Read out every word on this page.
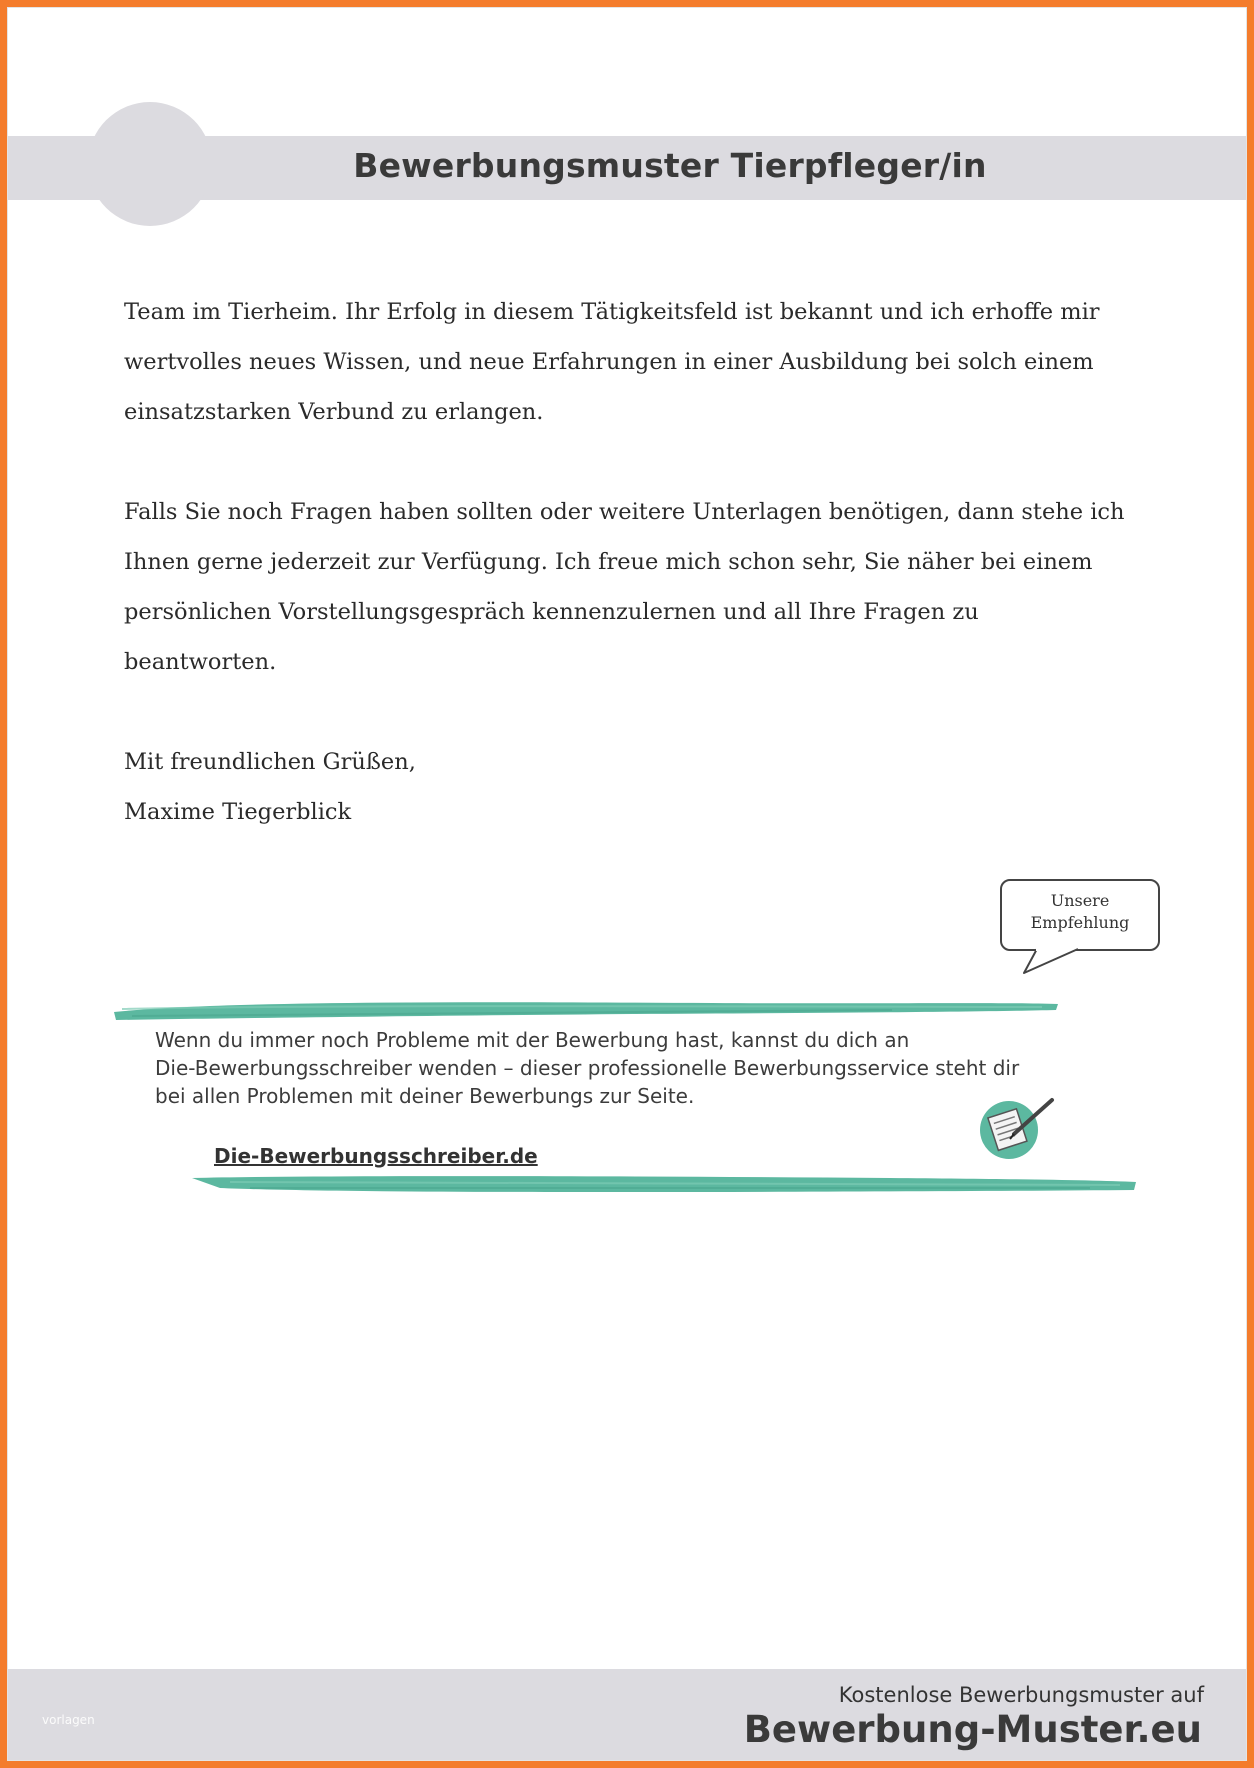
Bewerbungsmuster Tierpfleger/in

Team im Tierheim. Ihr Erfolg in diesem Tätigkeitsfeld ist bekannt und ich erhoffe mir wertvolles neues Wissen, und neue Erfahrungen in einer Ausbildung bei solch einem einsatzstarken Verbund zu erlangen.

Falls Sie noch Fragen haben sollten oder weitere Unterlagen benötigen, dann stehe ich Ihnen gerne jederzeit zur Verfügung. Ich freue mich schon sehr, Sie näher bei einem persönlichen Vorstellungsgespräch kennenzulernen und all Ihre Fragen zu beantworten.

Mit freundlichen Grüßen,

Maxime Tiegerblick

Unsere
Empfehlung
Wenn du immer noch Probleme mit der Bewerbung hast, kannst du dich an
Die-Bewerbungsschreiber wenden – dieser professionelle Bewerbungsservice steht dir
bei allen Problemen mit deiner Bewerbungs zur Seite.
Die-Bewerbungsschreiber.de
vorlagen
Kostenlose Bewerbungsmuster auf
Bewerbung-Muster.eu
